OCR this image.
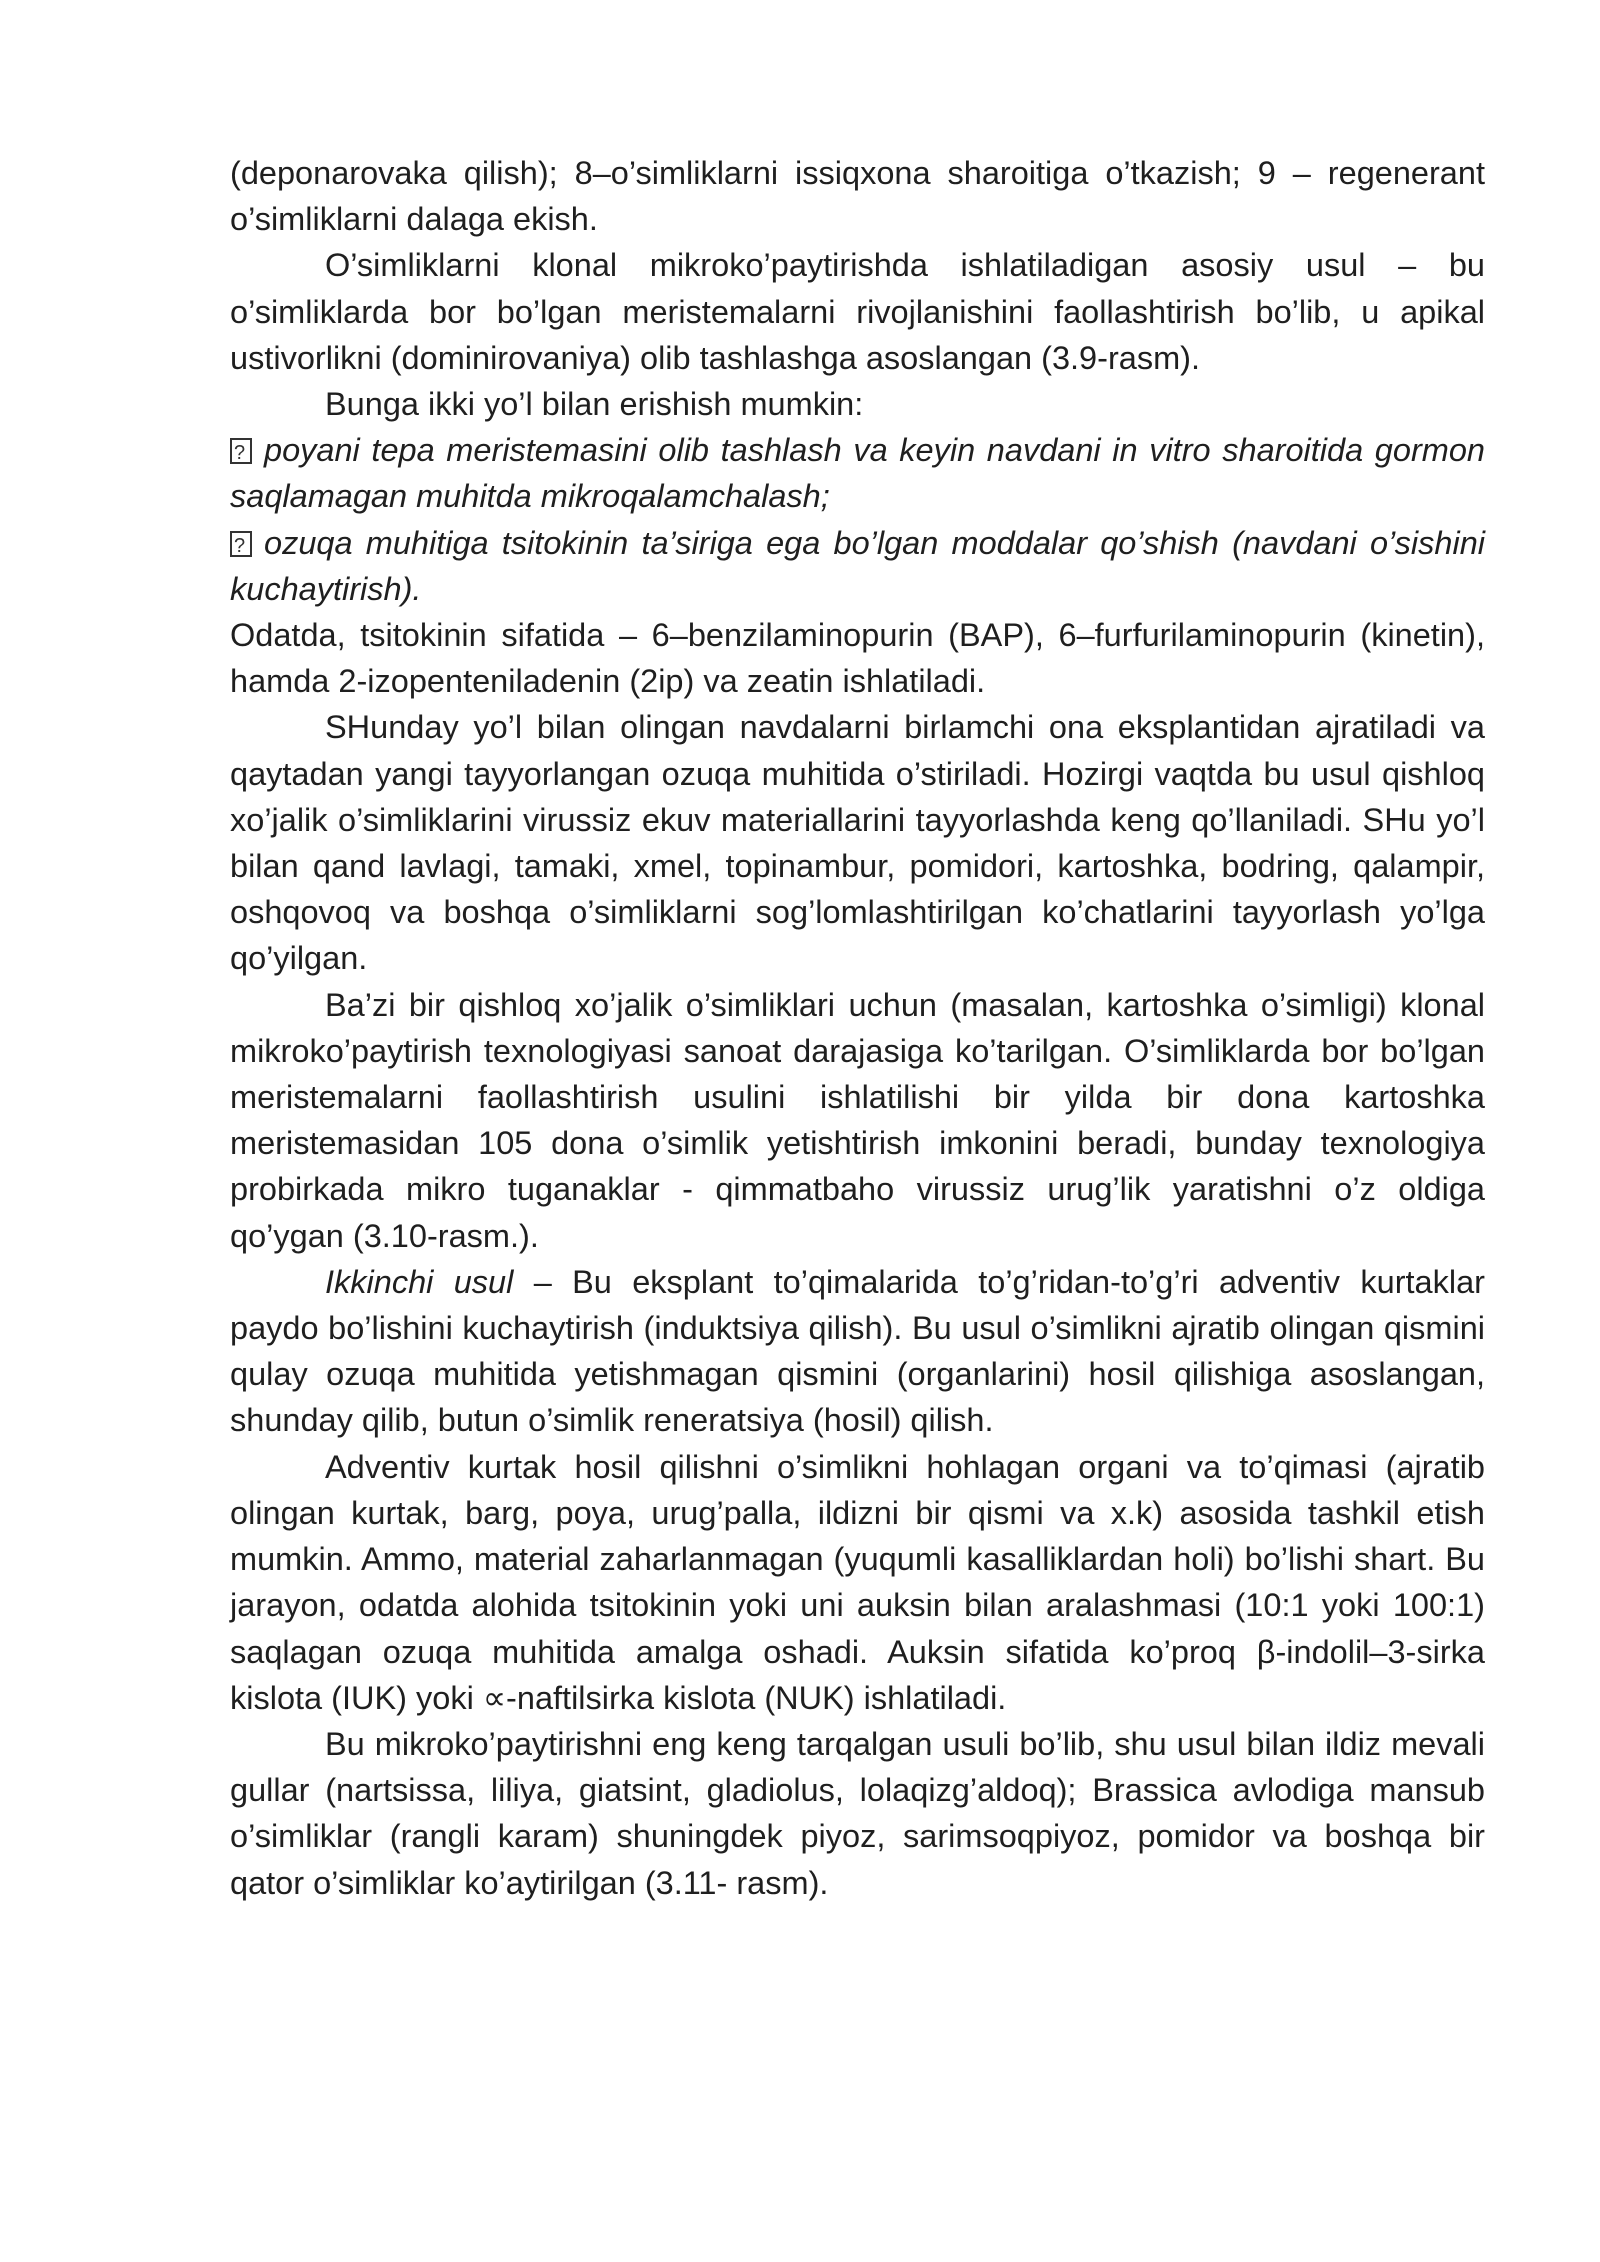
(deponarovaka qilish); 8–o’simliklarni issiqxona sharoitiga o’tkazish; 9 – regenerant o’simliklarni dalaga ekish.

O’simliklarni klonal mikroko’paytirishda ishlatiladigan asosiy usul – bu o’simliklarda bor bo’lgan meristemalarni rivojlanishini faollashtirish bo’lib, u apikal ustivorlikni (dominirovaniya) olib tashlashga asoslangan (3.9-rasm).

Bunga ikki yo’l bilan erishish mumkin:

?poyani tepa meristemasini olib tashlash va keyin navdani in vitro sharoitida gormon saqlamagan muhitda mikroqalamchalash;

?ozuqa muhitiga tsitokinin ta’siriga ega bo’lgan moddalar qo’shish (navdani o’sishini kuchaytirish).

Odatda, tsitokinin sifatida – 6–benzilaminopurin (BAP), 6–furfurilaminopurin (kinetin), hamda 2-izopenteniladenin (2ip) va zeatin ishlatiladi.

SHunday yo’l bilan olingan navdalarni birlamchi ona eksplantidan ajratiladi va qaytadan yangi tayyorlangan ozuqa muhitida o’stiriladi. Hozirgi vaqtda bu usul qishloq xo’jalik o’simliklarini virussiz ekuv materiallarini tayyorlashda keng qo’llaniladi. SHu yo’l bilan qand lavlagi, tamaki, xmel, topinambur, pomidori, kartoshka, bodring, qalampir, oshqovoq va boshqa o’simliklarni sog’lomlashtirilgan ko’chatlarini tayyorlash yo’lga qo’yilgan.

Ba’zi bir qishloq xo’jalik o’simliklari uchun (masalan, kartoshka o’simligi) klonal mikroko’paytirish texnologiyasi sanoat darajasiga ko’tarilgan. O’simliklarda bor bo’lgan meristemalarni faollashtirish usulini ishlatilishi bir yilda bir dona kartoshka meristemasidan 105 dona o’simlik yetishtirish imkonini beradi, bunday texnologiya probirkada mikro tuganaklar - qimmatbaho virussiz urug’lik yaratishni o’z oldiga qo’ygan (3.10-rasm.).

Ikkinchi usul – Bu eksplant to’qimalarida to’g’ridan-to’g’ri adventiv kurtaklar paydo bo’lishini kuchaytirish (induktsiya qilish). Bu usul o’simlikni ajratib olingan qismini qulay ozuqa muhitida yetishmagan qismini (organlarini) hosil qilishiga asoslangan, shunday qilib, butun o’simlik reneratsiya (hosil) qilish.

Adventiv kurtak hosil qilishni o’simlikni hohlagan organi va to’qimasi (ajratib olingan kurtak, barg, poya, urug’palla, ildizni bir qismi va x.k) asosida tashkil etish mumkin. Ammo, material zaharlanmagan (yuqumli kasalliklardan holi) bo’lishi shart. Bu jarayon, odatda alohida tsitokinin yoki uni auksin bilan aralashmasi (10:1 yoki 100:1) saqlagan ozuqa muhitida amalga oshadi. Auksin sifatida ko’proq β-indolil–3-sirka kislota (IUK) yoki ∝-naftilsirka kislota (NUK) ishlatiladi.

Bu mikroko’paytirishni eng keng tarqalgan usuli bo’lib, shu usul bilan ildiz mevali gullar (nartsissa, liliya, giatsint, gladiolus, lolaqizg’aldoq); Brassica avlodiga mansub o’simliklar (rangli karam) shuningdek piyoz, sarimsoqpiyoz, pomidor va boshqa bir qator o’simliklar ko’aytirilgan (3.11- rasm).
